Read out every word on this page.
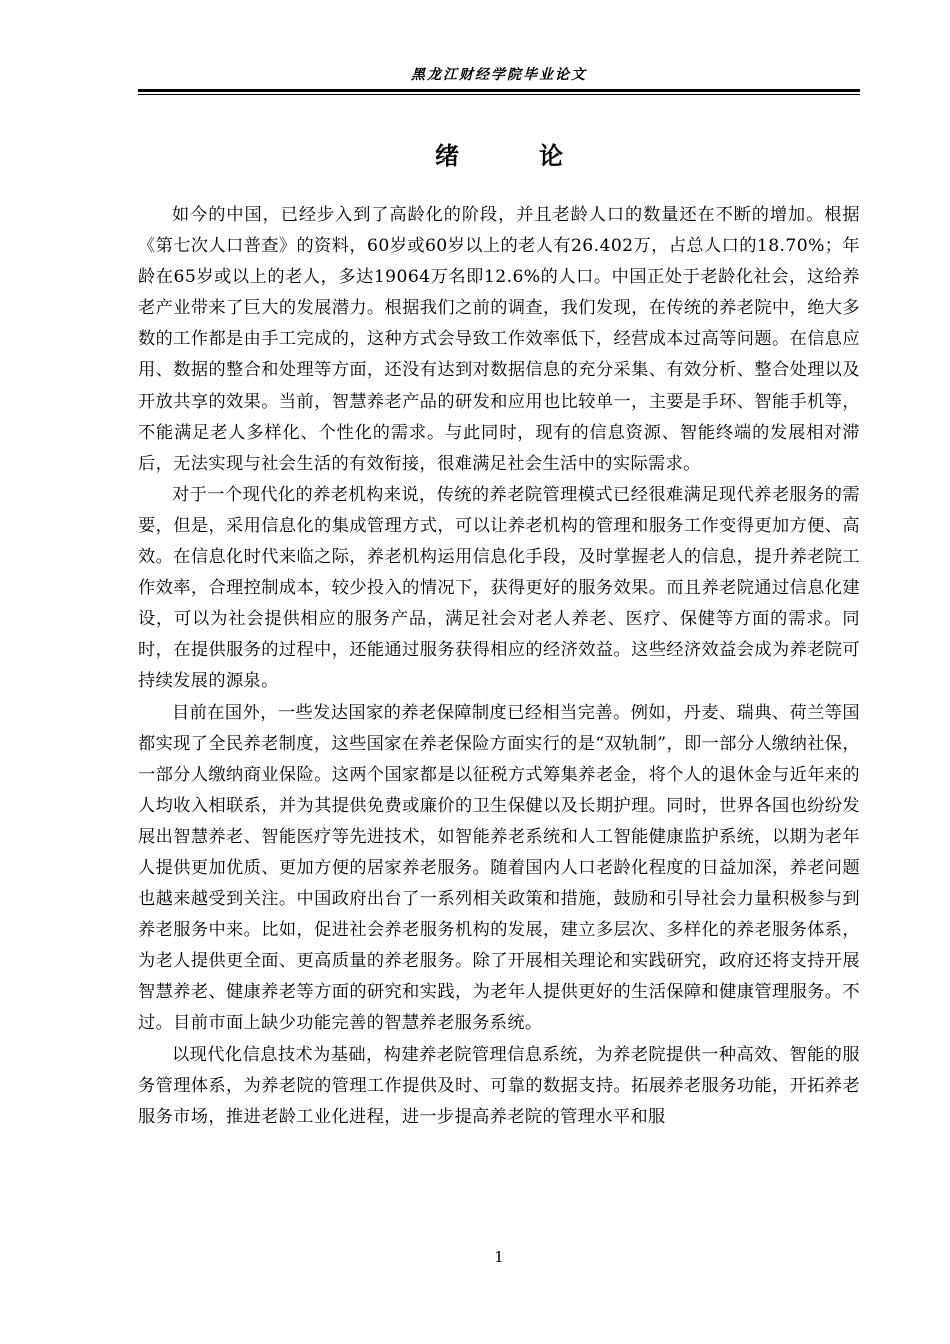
黑龙江财经学院毕业论文
绪　论

如今的中国，已经步入到了高龄化的阶段，并且老龄人口的数量还在不断的增加。根据《第七次人口普查》的资料，60岁或60岁以上的老人有26.402万，占总人口的18.70%；年龄在65岁或以上的老人，多达19064万名即12.6%的人口。中国正处于老龄化社会，这给养老产业带来了巨大的发展潜力。根据我们之前的调查，我们发现，在传统的养老院中，绝大多数的工作都是由手工完成的，这种方式会导致工作效率低下，经营成本过高等问题。在信息应用、数据的整合和处理等方面，还没有达到对数据信息的充分采集、有效分析、整合处理以及开放共享的效果。当前，智慧养老产品的研发和应用也比较单一，主要是手环、智能手机等，不能满足老人多样化、个性化的需求。与此同时，现有的信息资源、智能终端的发展相对滞后，无法实现与社会生活的有效衔接，很难满足社会生活中的实际需求。

对于一个现代化的养老机构来说，传统的养老院管理模式已经很难满足现代养老服务的需要，但是，采用信息化的集成管理方式，可以让养老机构的管理和服务工作变得更加方便、高效。在信息化时代来临之际，养老机构运用信息化手段，及时掌握老人的信息，提升养老院工作效率，合理控制成本，较少投入的情况下，获得更好的服务效果。而且养老院通过信息化建设，可以为社会提供相应的服务产品，满足社会对老人养老、医疗、保健等方面的需求。同时，在提供服务的过程中，还能通过服务获得相应的经济效益。这些经济效益会成为养老院可持续发展的源泉。

目前在国外，一些发达国家的养老保障制度已经相当完善。例如，丹麦、瑞典、荷兰等国都实现了全民养老制度，这些国家在养老保险方面实行的是“双轨制”，即一部分人缴纳社保，一部分人缴纳商业保险。这两个国家都是以征税方式筹集养老金，将个人的退休金与近年来的人均收入相联系，并为其提供免费或廉价的卫生保健以及长期护理。同时，世界各国也纷纷发展出智慧养老、智能医疗等先进技术，如智能养老系统和人工智能健康监护系统，以期为老年人提供更加优质、更加方便的居家养老服务。随着国内人口老龄化程度的日益加深，养老问题也越来越受到关注。中国政府出台了一系列相关政策和措施，鼓励和引导社会力量积极参与到养老服务中来。比如，促进社会养老服务机构的发展，建立多层次、多样化的养老服务体系，为老人提供更全面、更高质量的养老服务。除了开展相关理论和实践研究，政府还将支持开展智慧养老、健康养老等方面的研究和实践，为老年人提供更好的生活保障和健康管理服务。不过。目前市面上缺少功能完善的智慧养老服务系统。

以现代化信息技术为基础，构建养老院管理信息系统，为养老院提供一种高效、智能的服务管理体系，为养老院的管理工作提供及时、可靠的数据支持。拓展养老服务功能，开拓养老服务市场，推进老龄工业化进程，进一步提高养老院的管理水平和服

1
